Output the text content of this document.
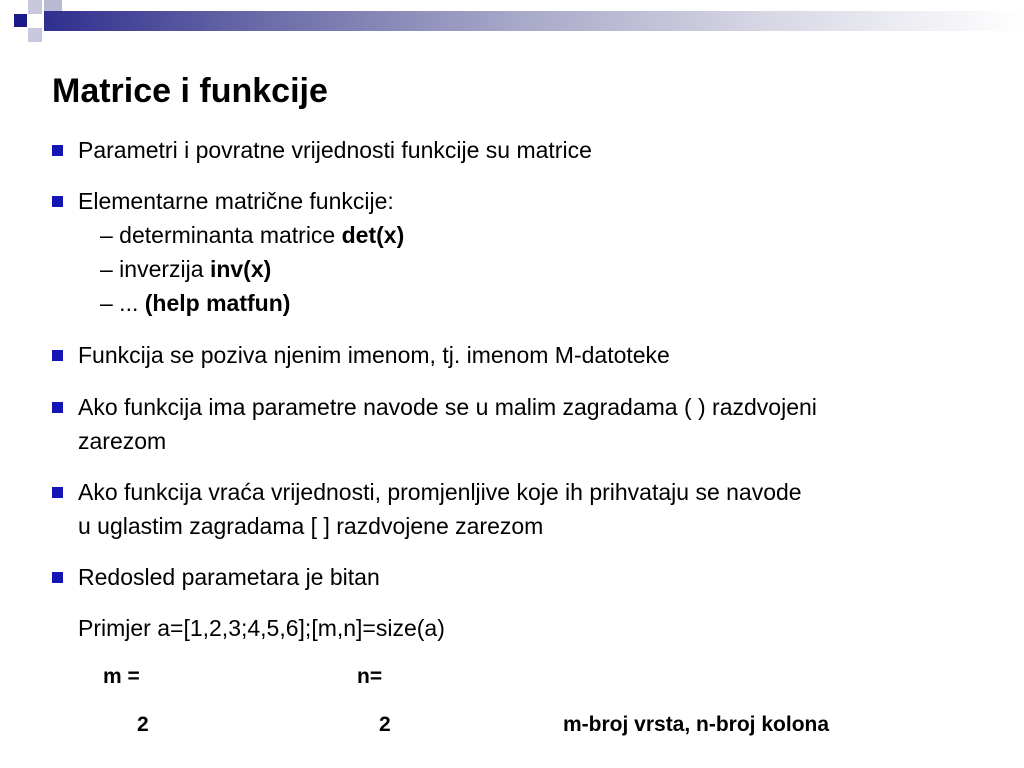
Matrice i funkcije
Parametri i povratne vrijednosti funkcije su matrice
Elementarne matrične funkcije:
– determinanta matrice det(x)
– inverzija inv(x)
– ... (help matfun)
Funkcija se poziva njenim imenom, tj. imenom M-datoteke
Ako funkcija ima parametre navode se u malim zagradama ( ) razdvojeni
zarezom
Ako funkcija vraća vrijednosti, promjenljive koje ih prihvataju se navode
u uglastim zagradama [ ] razdvojene zarezom
Redosled parametara je bitan
Primjer a=[1,2,3;4,5,6];[m,n]=size(a)
m =	n=
2	2	m-broj vrsta, n-broj kolona
